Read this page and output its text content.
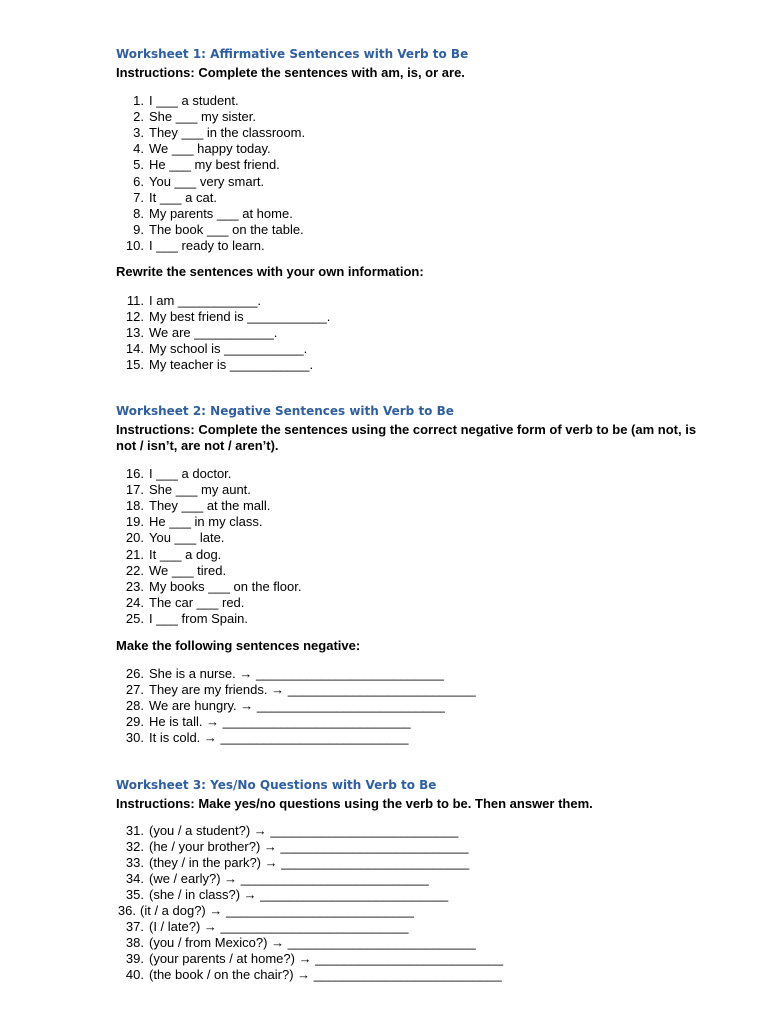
Worksheet 1: Affirmative Sentences with Verb to Be
Instructions: Complete the sentences with am, is, or are.
1. I ___ a student.
2. She ___ my sister.
3. They ___ in the classroom.
4. We ___ happy today.
5. He ___ my best friend.
6. You ___ very smart.
7. It ___ a cat.
8. My parents ___ at home.
9. The book ___ on the table.
10. I ___ ready to learn.
Rewrite the sentences with your own information:
11. I am ___________.
12. My best friend is ___________.
13. We are ___________.
14. My school is ___________.
15. My teacher is ___________.
Worksheet 2: Negative Sentences with Verb to Be
Instructions: Complete the sentences using the correct negative form of verb to be (am not, is not / isn’t, are not / aren’t).
16. I ___ a doctor.
17. She ___ my aunt.
18. They ___ at the mall.
19. He ___ in my class.
20. You ___ late.
21. It ___ a dog.
22. We ___ tired.
23. My books ___ on the floor.
24. The car ___ red.
25. I ___ from Spain.
Make the following sentences negative:
26. She is a nurse. → __________________________
27. They are my friends. → __________________________
28. We are hungry. → __________________________
29. He is tall. → __________________________
30. It is cold. → __________________________
Worksheet 3: Yes/No Questions with Verb to Be
Instructions: Make yes/no questions using the verb to be. Then answer them.
31. (you / a student?) → __________________________
32. (he / your brother?) → __________________________
33. (they / in the park?) → __________________________
34. (we / early?) → __________________________
35. (she / in class?) → __________________________
36. (it / a dog?) → __________________________
37. (I / late?) → __________________________
38. (you / from Mexico?) → __________________________
39. (your parents / at home?) → __________________________
40. (the book / on the chair?) → __________________________
